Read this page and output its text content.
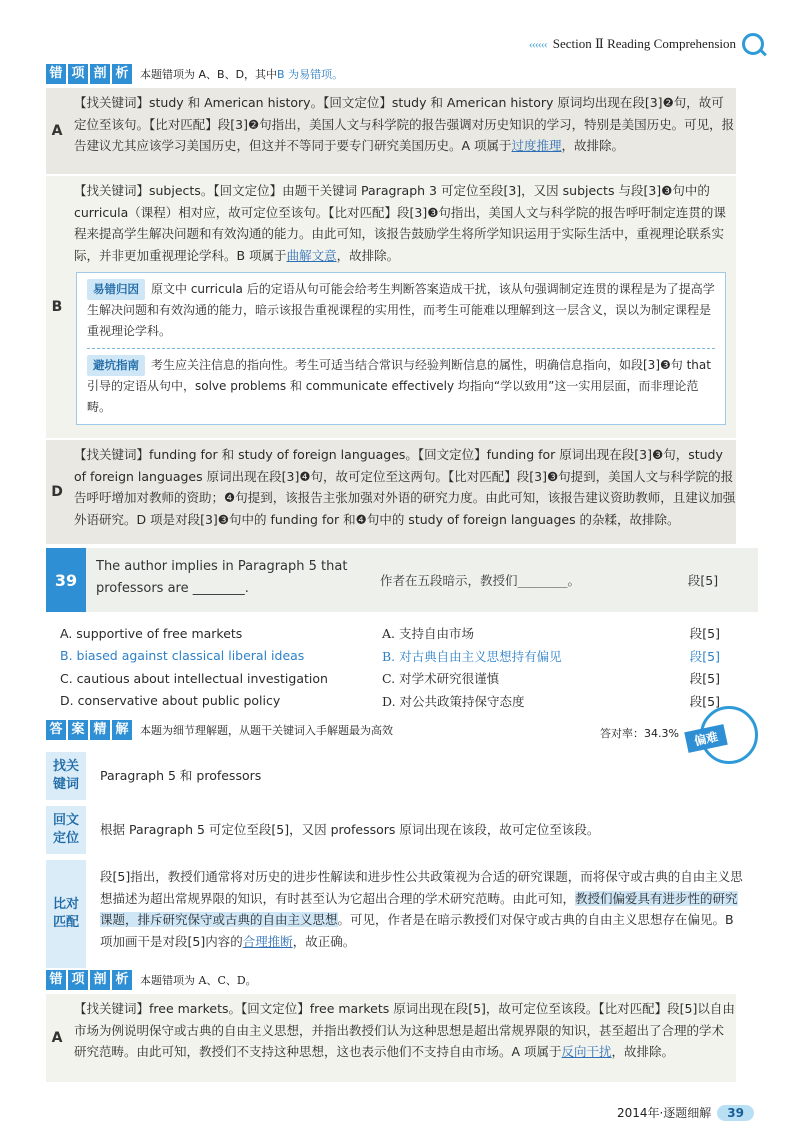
‹‹‹‹‹‹ Section Ⅱ Reading Comprehension
错 项 剖 析	本题错项为 A、B、D，其中B 为易错项。
A
【找关键词】study 和 American history。【回文定位】study 和 American history 原词均出现在段[3]❷句，故可定位至该句。【比对匹配】段[3]❷句指出，美国人文与科学院的报告强调对历史知识的学习，特别是美国历史。可见，报告建议尤其应该学习美国历史，但这并不等同于要专门研究美国历史。A 项属于过度推理，故排除。
B
【找关键词】subjects。【回文定位】由题干关键词 Paragraph 3 可定位至段[3]，又因 subjects 与段[3]❸句中的 curricula（课程）相对应，故可定位至该句。【比对匹配】段[3]❸句指出，美国人文与科学院的报告呼吁制定连贯的课程来提高学生解决问题和有效沟通的能力。由此可知，该报告鼓励学生将所学知识运用于实际生活中，重视理论联系实际，并非更加重视理论学科。B 项属于曲解文意，故排除。
易错归因 原文中 curricula 后的定语从句可能会给考生判断答案造成干扰，该从句强调制定连贯的课程是为了提高学生解决问题和有效沟通的能力，暗示该报告重视课程的实用性，而考生可能难以理解到这一层含义，误以为制定课程是重视理论学科。
避坑指南 考生应关注信息的指向性。考生可适当结合常识与经验判断信息的属性，明确信息指向，如段[3]❸句 that 引导的定语从句中，solve problems 和 communicate effectively 均指向“学以致用”这一实用层面，而非理论范畴。
D
【找关键词】funding for 和 study of foreign languages。【回文定位】funding for 原词出现在段[3]❸句，study of foreign languages 原词出现在段[3]❹句，故可定位至这两句。【比对匹配】段[3]❸句提到，美国人文与科学院的报告呼吁增加对教师的资助；❹句提到，该报告主张加强对外语的研究力度。由此可知，该报告建议资助教师，且建议加强外语研究。D 项是对段[3]❸句中的 funding for 和❹句中的 study of foreign languages 的杂糅，故排除。
39
The author implies in Paragraph 5 that professors are ________.
作者在五段暗示，教授们________。	段[5]
A. supportive of free markets	A. 支持自由市场	段[5]
B. biased against classical liberal ideas	B. 对古典自由主义思想持有偏见	段[5]
C. cautious about intellectual investigation	C. 对学术研究很谨慎	段[5]
D. conservative about public policy	D. 对公共政策持保守态度	段[5]
答 案 精 解	本题为细节理解题，从题干关键词入手解题最为高效	答对率：34.3%	偏难
找关键词
Paragraph 5 和 professors
回文定位
根据 Paragraph 5 可定位至段[5]，又因 professors 原词出现在该段，故可定位至该段。
比对匹配
段[5]指出，教授们通常将对历史的进步性解读和进步性公共政策视为合适的研究课题，而将保守或古典的自由主义思想描述为超出常规界限的知识，有时甚至认为它超出合理的学术研究范畴。由此可知，教授们偏爱具有进步性的研究课题，排斥研究保守或古典的自由主义思想。可见，作者是在暗示教授们对保守或古典的自由主义思想存在偏见。B 项加画干是对段[5]内容的合理推断，故正确。
错 项 剖 析	本题错项为 A、C、D。
A
【找关键词】free markets。【回文定位】free markets 原词出现在段[5]，故可定位至该段。【比对匹配】段[5]以自由市场为例说明保守或古典的自由主义思想，并指出教授们认为这种思想是超出常规界限的知识，甚至超出了合理的学术研究范畴。由此可知，教授们不支持这种思想，这也表示他们不支持自由市场。A 项属于反向干扰，故排除。
2014年·逐题细解	39
